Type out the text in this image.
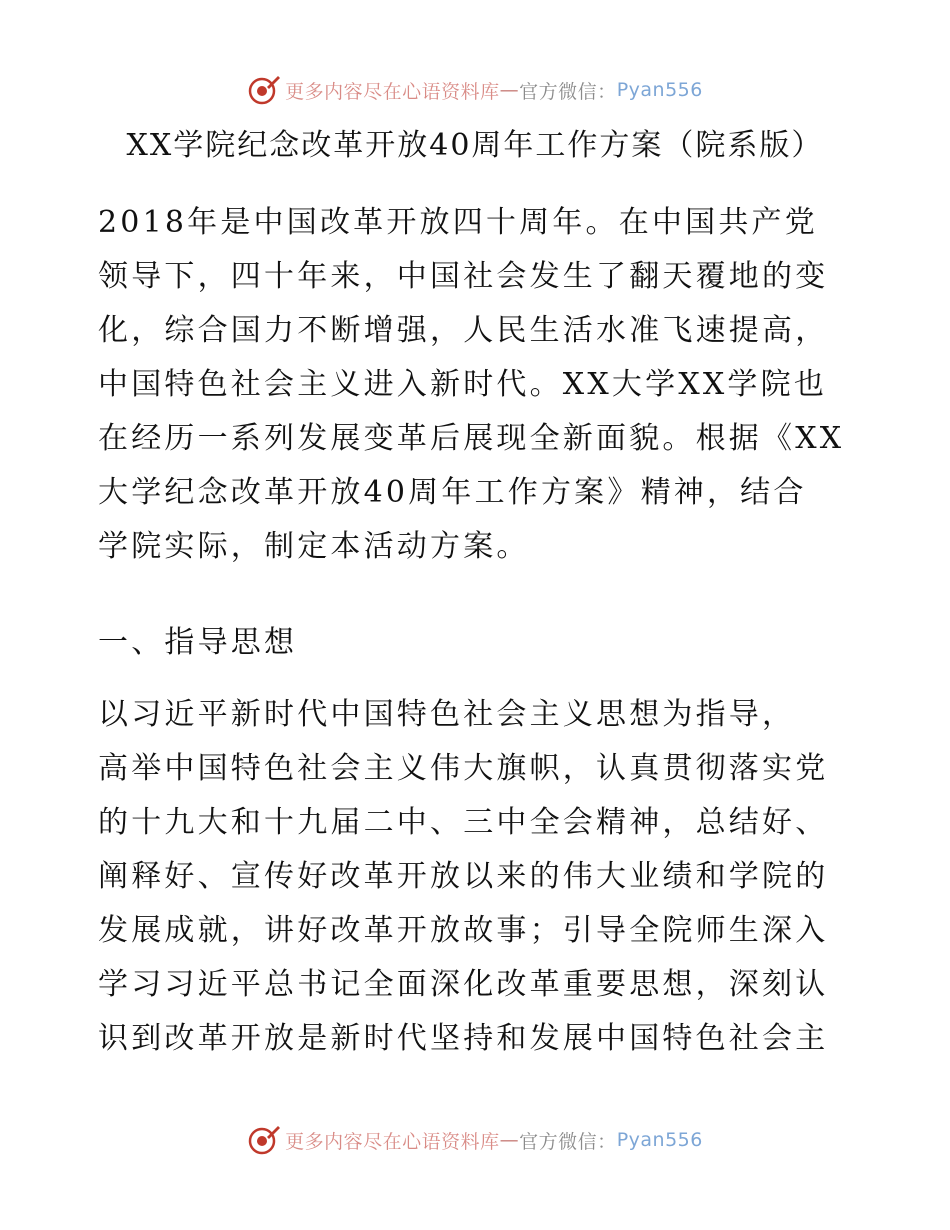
更多内容尽在心语资料库 — 官方微信： Pyan556
XX学院纪念改革开放40周年工作方案（院系版）
2018年是中国改革开放四十周年。在中国共产党
领导下，四十年来，中国社会发生了翻天覆地的变
化，综合国力不断增强，人民生活水准飞速提高，
中国特色社会主义进入新时代。XX大学XX学院也
在经历一系列发展变革后展现全新面貌。根据《XX
大学纪念改革开放40周年工作方案》精神，结合
学院实际，制定本活动方案。
一、指导思想
以习近平新时代中国特色社会主义思想为指导，
高举中国特色社会主义伟大旗帜，认真贯彻落实党
的十九大和十九届二中、三中全会精神，总结好、
阐释好、宣传好改革开放以来的伟大业绩和学院的
发展成就，讲好改革开放故事；引导全院师生深入
学习习近平总书记全面深化改革重要思想，深刻认
识到改革开放是新时代坚持和发展中国特色社会主
更多内容尽在心语资料库 — 官方微信： Pyan556
